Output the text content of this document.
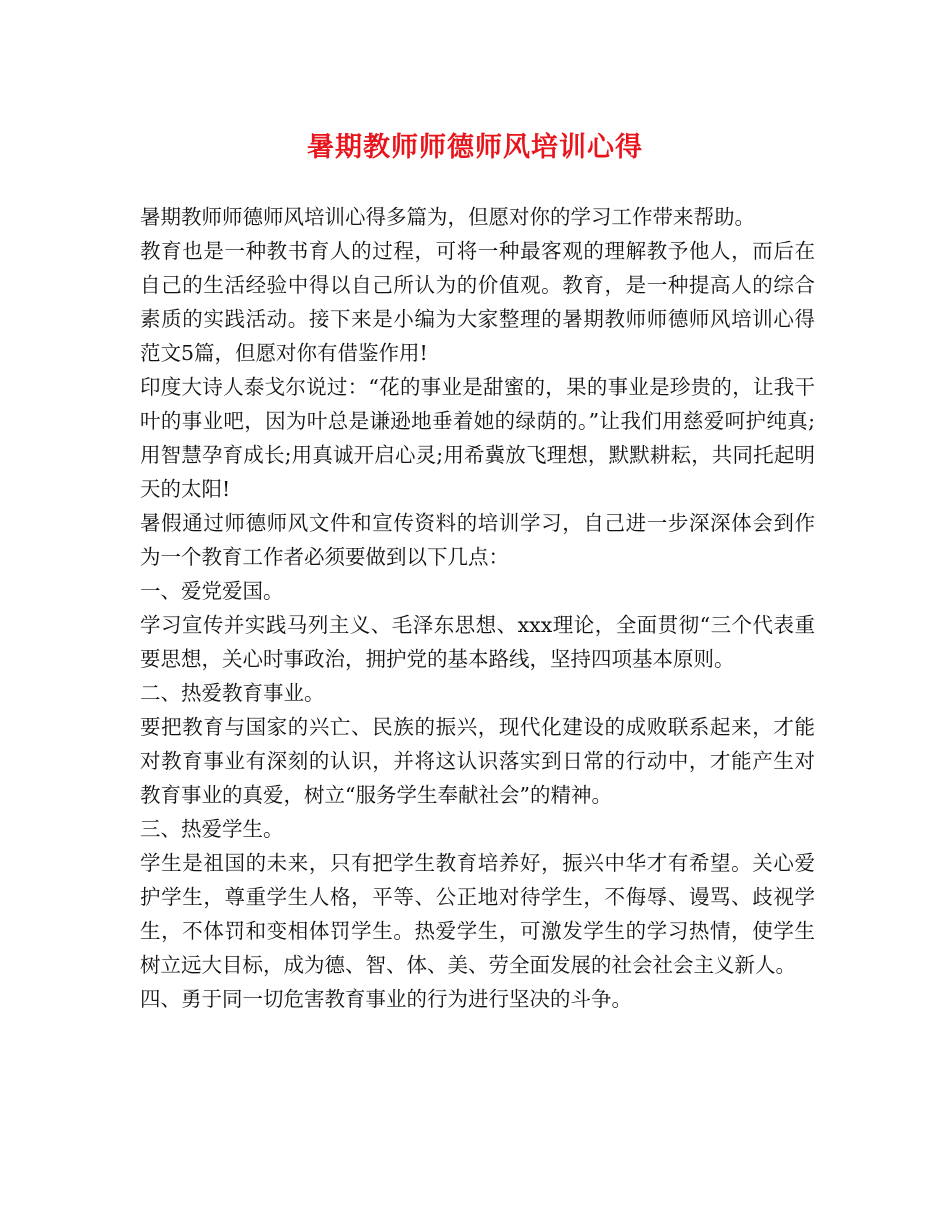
暑期教师师德师风培训心得

暑期教师师德师风培训心得多篇为，但愿对你的学习工作带来帮助。

教育也是一种教书育人的过程，可将一种最客观的理解教予他人，而后在自己的生活经验中得以自己所认为的价值观。教育，是一种提高人的综合素质的实践活动。接下来是小编为大家整理的暑期教师师德师风培训心得范文5篇，但愿对你有借鉴作用!

印度大诗人泰戈尔说过：“花的事业是甜蜜的，果的事业是珍贵的，让我干叶的事业吧，因为叶总是谦逊地垂着她的绿荫的。”让我们用慈爱呵护纯真;用智慧孕育成长;用真诚开启心灵;用希冀放飞理想，默默耕耘，共同托起明天的太阳!

暑假通过师德师风文件和宣传资料的培训学习，自己进一步深深体会到作为一个教育工作者必须要做到以下几点：

一、爱党爱国。

学习宣传并实践马列主义、毛泽东思想、xxx理论，全面贯彻“三个代表重要思想，关心时事政治，拥护党的基本路线，坚持四项基本原则。

二、热爱教育事业。

要把教育与国家的兴亡、民族的振兴，现代化建设的成败联系起来，才能对教育事业有深刻的认识，并将这认识落实到日常的行动中，才能产生对教育事业的真爱，树立“服务学生奉献社会”的精神。

三、热爱学生。

学生是祖国的未来，只有把学生教育培养好，振兴中华才有希望。关心爱护学生，尊重学生人格，平等、公正地对待学生，不侮辱、谩骂、歧视学生，不体罚和变相体罚学生。热爱学生，可激发学生的学习热情，使学生树立远大目标，成为德、智、体、美、劳全面发展的社会社会主义新人。

四、勇于同一切危害教育事业的行为进行坚决的斗争。
